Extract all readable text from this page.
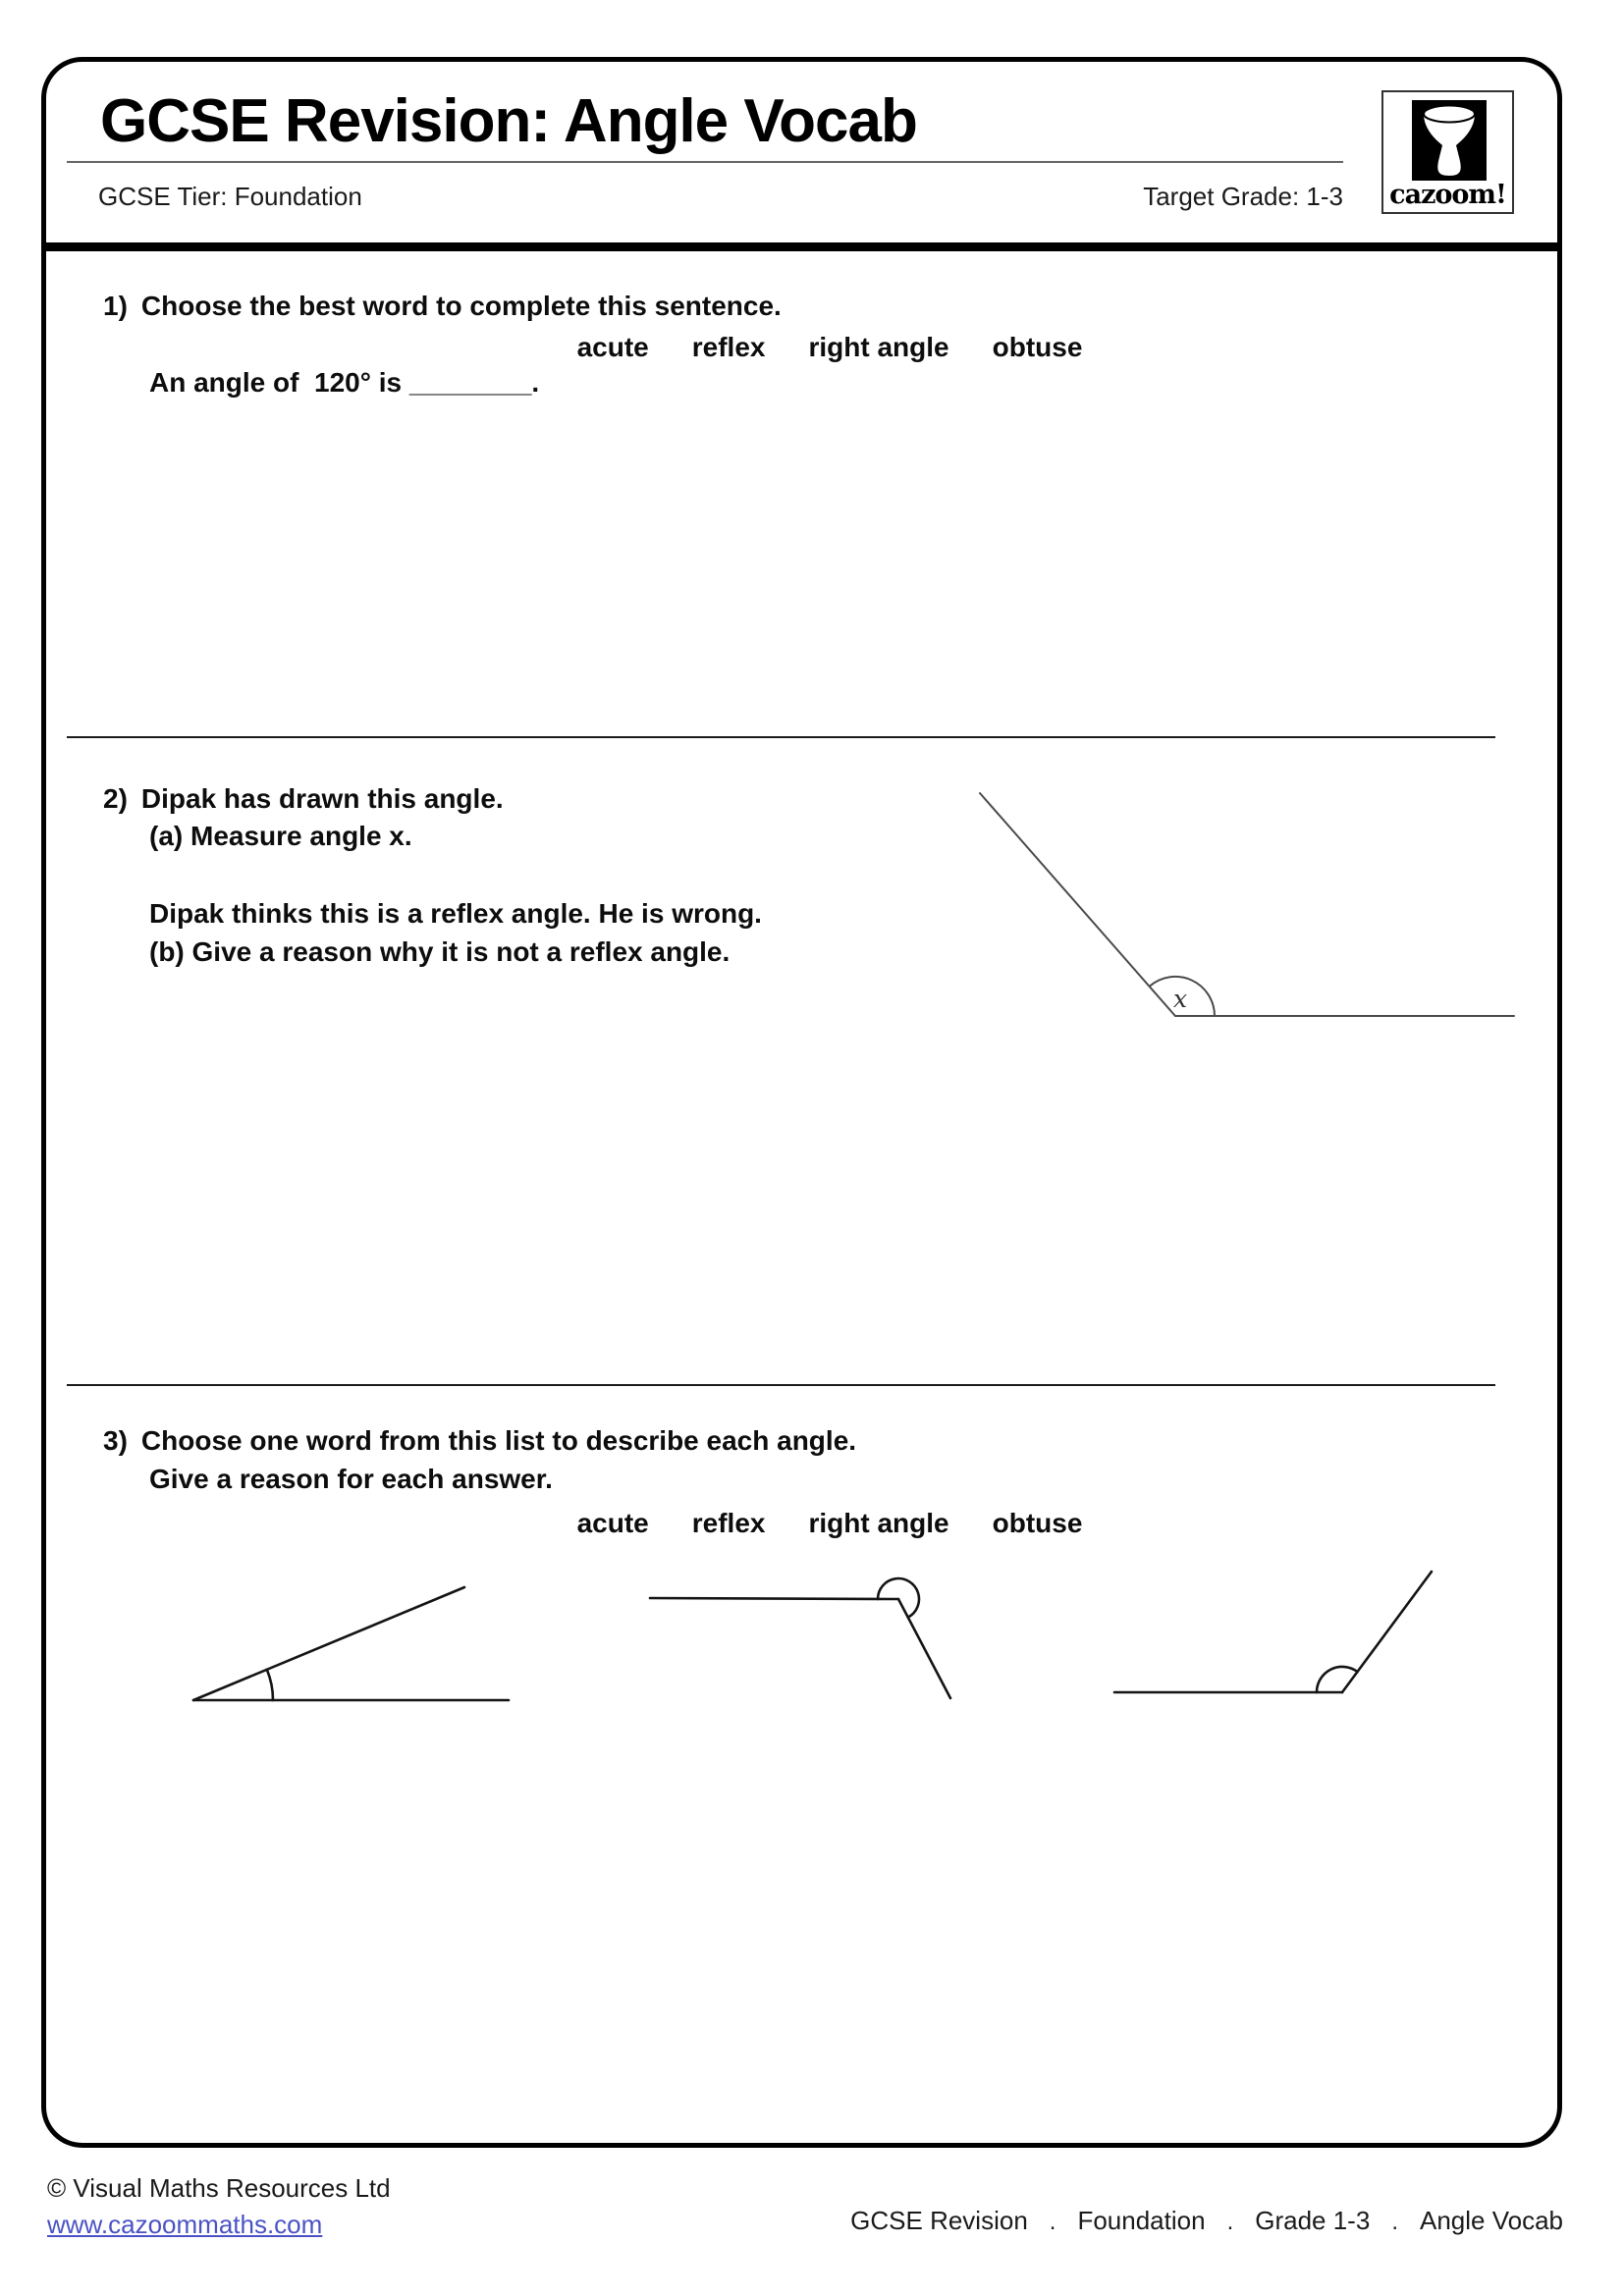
GCSE Revision: Angle Vocab
GCSE Tier: Foundation	Target Grade: 1-3 cazoom!
1) Choose the best word to complete this sentence.
acute reflex right angle obtuse
An angle of  120° is ________.
2) Dipak has drawn this angle.
(a) Measure angle x.
Dipak thinks this is a reflex angle. He is wrong.
(b) Give a reason why it is not a reflex angle.
x
3) Choose one word from this list to describe each angle.
Give a reason for each answer.
acute reflex right angle obtuse
© Visual Maths Resources Ltd
www.cazoommaths.com	GCSE Revision . Foundation . Grade 1-3 . Angle Vocab
